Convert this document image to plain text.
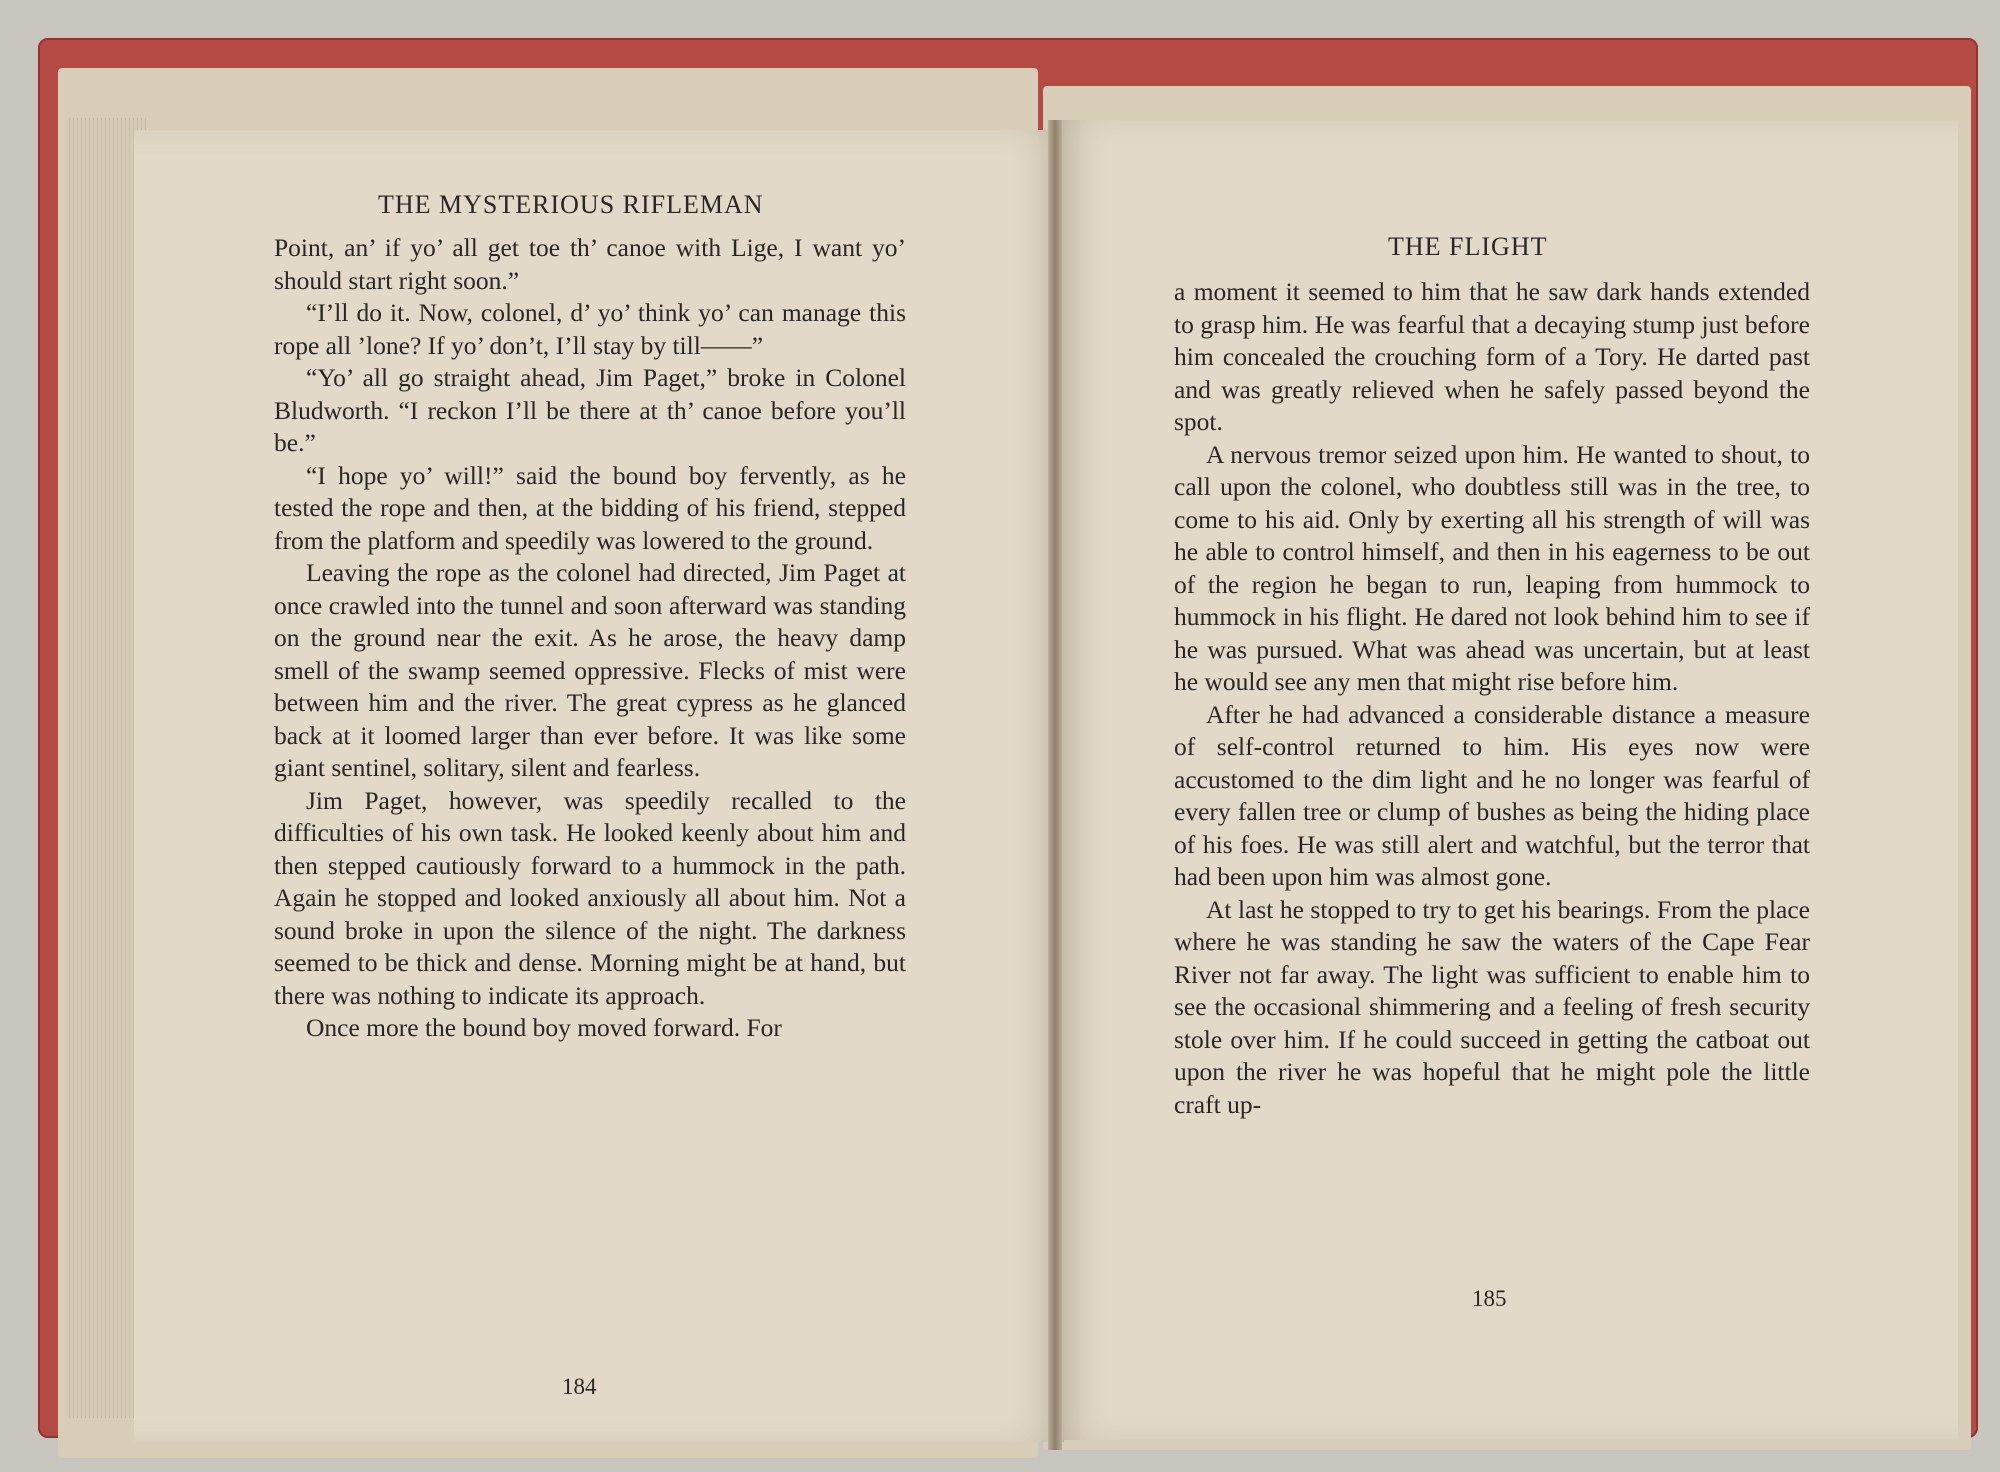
THE MYSTERIOUS RIFLEMAN

Point, an’ if yo’ all get toe th’ canoe with Lige, I want yo’ should start right soon.”

“I’ll do it. Now, colonel, d’ yo’ think yo’ can manage this rope all ’lone? If yo’ don’t, I’ll stay by till——”

“Yo’ all go straight ahead, Jim Paget,” broke in Colonel Bludworth. “I reckon I’ll be there at th’ canoe before you’ll be.”

“I hope yo’ will!” said the bound boy fervently, as he tested the rope and then, at the bidding of his friend, stepped from the platform and speedily was lowered to the ground.

Leaving the rope as the colonel had directed, Jim Paget at once crawled into the tunnel and soon afterward was standing on the ground near the exit. As he arose, the heavy damp smell of the swamp seemed oppressive. Flecks of mist were between him and the river. The great cypress as he glanced back at it loomed larger than ever before. It was like some giant sentinel, solitary, silent and fearless.

Jim Paget, however, was speedily recalled to the difficulties of his own task. He looked keenly about him and then stepped cautiously forward to a hummock in the path. Again he stopped and looked anxiously all about him. Not a sound broke in upon the silence of the night. The darkness seemed to be thick and dense. Morning might be at hand, but there was nothing to indicate its approach.

Once more the bound boy moved forward. For

184
THE FLIGHT

a moment it seemed to him that he saw dark hands extended to grasp him. He was fearful that a decaying stump just before him concealed the crouching form of a Tory. He darted past and was greatly relieved when he safely passed beyond the spot.

A nervous tremor seized upon him. He wanted to shout, to call upon the colonel, who doubtless still was in the tree, to come to his aid. Only by exerting all his strength of will was he able to control himself, and then in his eagerness to be out of the region he began to run, leaping from hummock to hummock in his flight. He dared not look behind him to see if he was pursued. What was ahead was uncertain, but at least he would see any men that might rise before him.

After he had advanced a considerable distance a measure of self-control returned to him. His eyes now were accustomed to the dim light and he no longer was fearful of every fallen tree or clump of bushes as being the hiding place of his foes. He was still alert and watchful, but the terror that had been upon him was almost gone.

At last he stopped to try to get his bearings. From the place where he was standing he saw the waters of the Cape Fear River not far away. The light was sufficient to enable him to see the occasional shimmering and a feeling of fresh security stole over him. If he could succeed in getting the catboat out upon the river he was hopeful that he might pole the little craft up-

185
